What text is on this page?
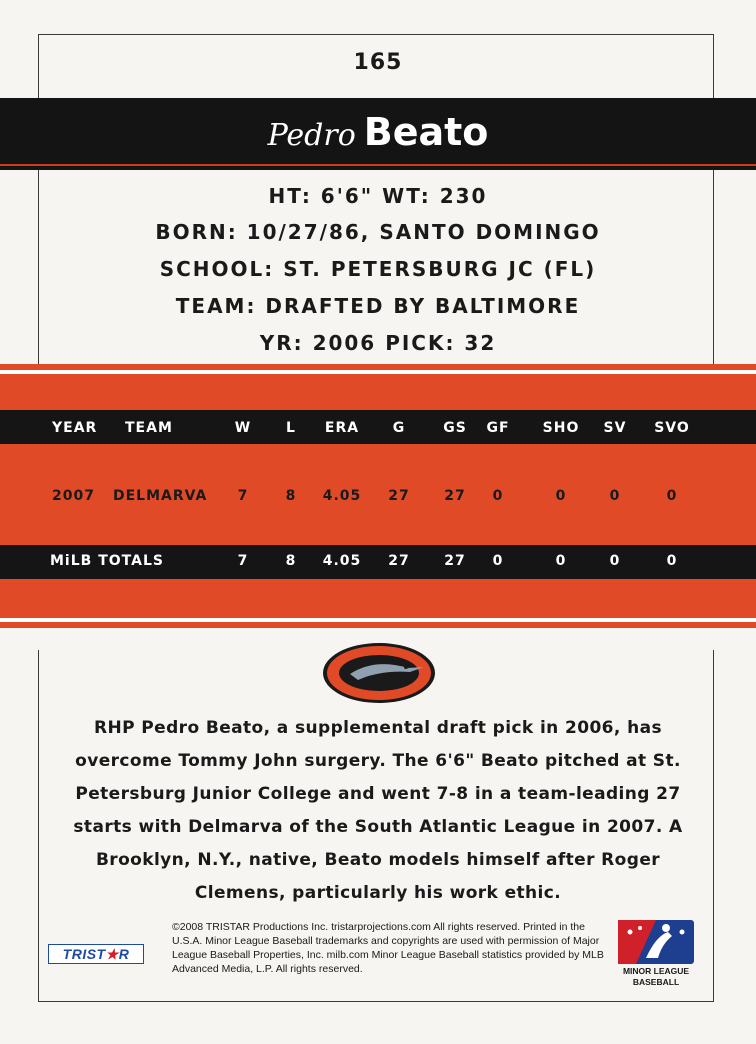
165
Pedro Beato
HT: 6'6" WT: 230
BORN: 10/27/86, SANTO DOMINGO
SCHOOL: ST. PETERSBURG JC (FL)
TEAM: DRAFTED BY BALTIMORE
YR: 2006 PICK: 32
YEAR TEAM	W	L	ERA	G	GS	GF	SHO	SV	SVO
2007 DELMARVA	7	8	4.05	27	27	0	0	0	0
MiLB TOTALS	7	8	4.05	27	27	0	0	0	0
RHP Pedro Beato, a supplemental draft pick in 2006, has overcome Tommy John surgery. The 6'6" Beato pitched at St. Petersburg Junior College and went 7-8 in a team-leading 27 starts with Delmarva of the South Atlantic League in 2007. A Brooklyn, N.Y., native, Beato models himself after Roger Clemens, particularly his work ethic.
©2008 TRISTAR Productions Inc. tristarprojections.com All rights reserved. Printed in the U.S.A. Minor League Baseball trademarks and copyrights are used with permission of Major League Baseball Properties, Inc. milb.com Minor League Baseball statistics provided by MLB Advanced Media, L.P. All rights reserved.
TRIST★R
MINOR LEAGUE
BASEBALL
